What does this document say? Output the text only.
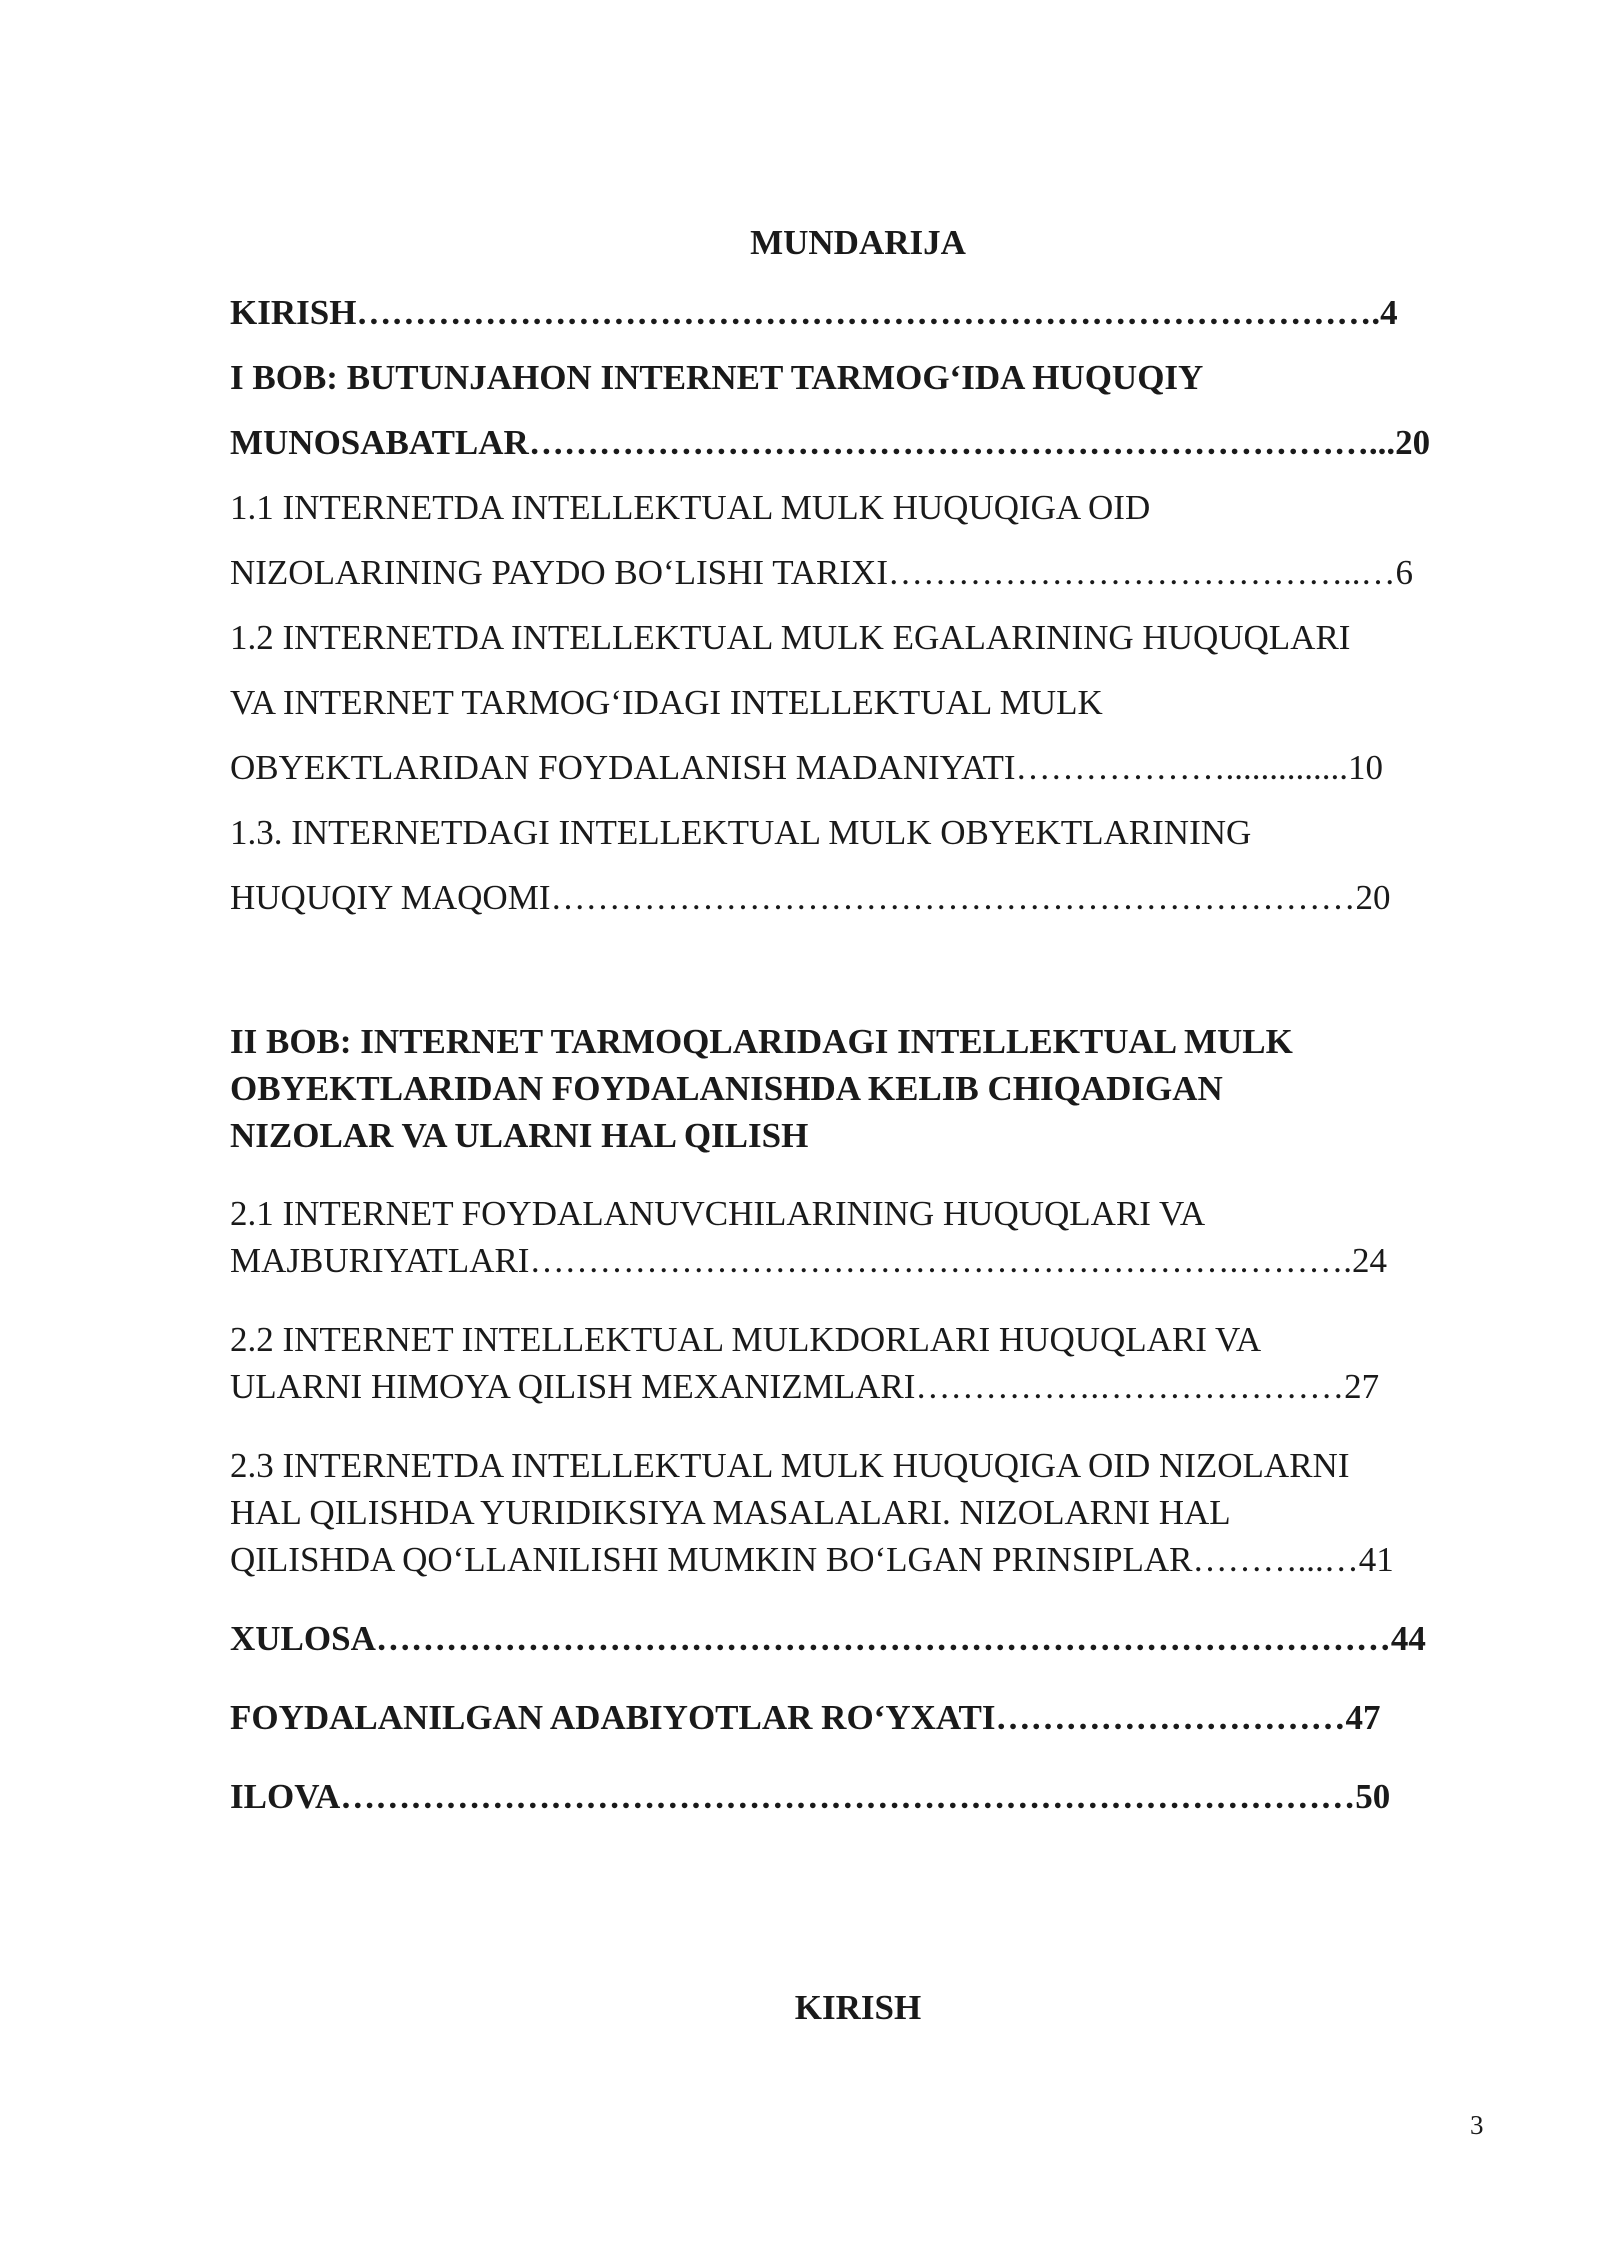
MUNDARIJA
KIRISH…………………………………………………………………………….4
I BOB: BUTUNJAHON INTERNET TARMOG‘IDA HUQUQIY
MUNOSABATLAR………………………………………………………………...20
1.1 INTERNETDA INTELLEKTUAL MULK HUQUQIGA OID
NIZOLARINING PAYDO BO‘LISHI TARIXI…………………………………..…6
1.2 INTERNETDA INTELLEKTUAL MULK EGALARINING HUQUQLARI
VA INTERNET TARMOG‘IDAGI INTELLEKTUAL MULK
OBYEKTLARIDAN FOYDALANISH MADANIYATI………………..............10
1.3. INTERNETDAGI INTELLEKTUAL MULK OBYEKTLARINING
HUQUQIY MAQOMI……………………………………………………………20
II BOB: INTERNET TARMOQLARIDAGI INTELLEKTUAL MULK
OBYEKTLARIDAN FOYDALANISHDA KELIB CHIQADIGAN
NIZOLAR VA ULARNI HAL QILISH
2.1 INTERNET FOYDALANUVCHILARINING HUQUQLARI VA
MAJBURIYATLARI…………………………………………………….……….24
2.2 INTERNET INTELLEKTUAL MULKDORLARI HUQUQLARI VA
ULARNI HIMOYA QILISH MEXANIZMLARI…………….…………………27
2.3 INTERNETDA INTELLEKTUAL MULK HUQUQIGA OID NIZOLARNI
HAL QILISHDA YURIDIKSIYA MASALALARI. NIZOLARNI HAL
QILISHDA QO‘LLANILISHI MUMKIN BO‘LGAN PRINSIPLAR………...…41
XULOSA……………………………………………………………………………44
FOYDALANILGAN ADABIYOTLAR RO‘YXATI…………………………47
ILOVA……………………………………………………………………………50
KIRISH
3
